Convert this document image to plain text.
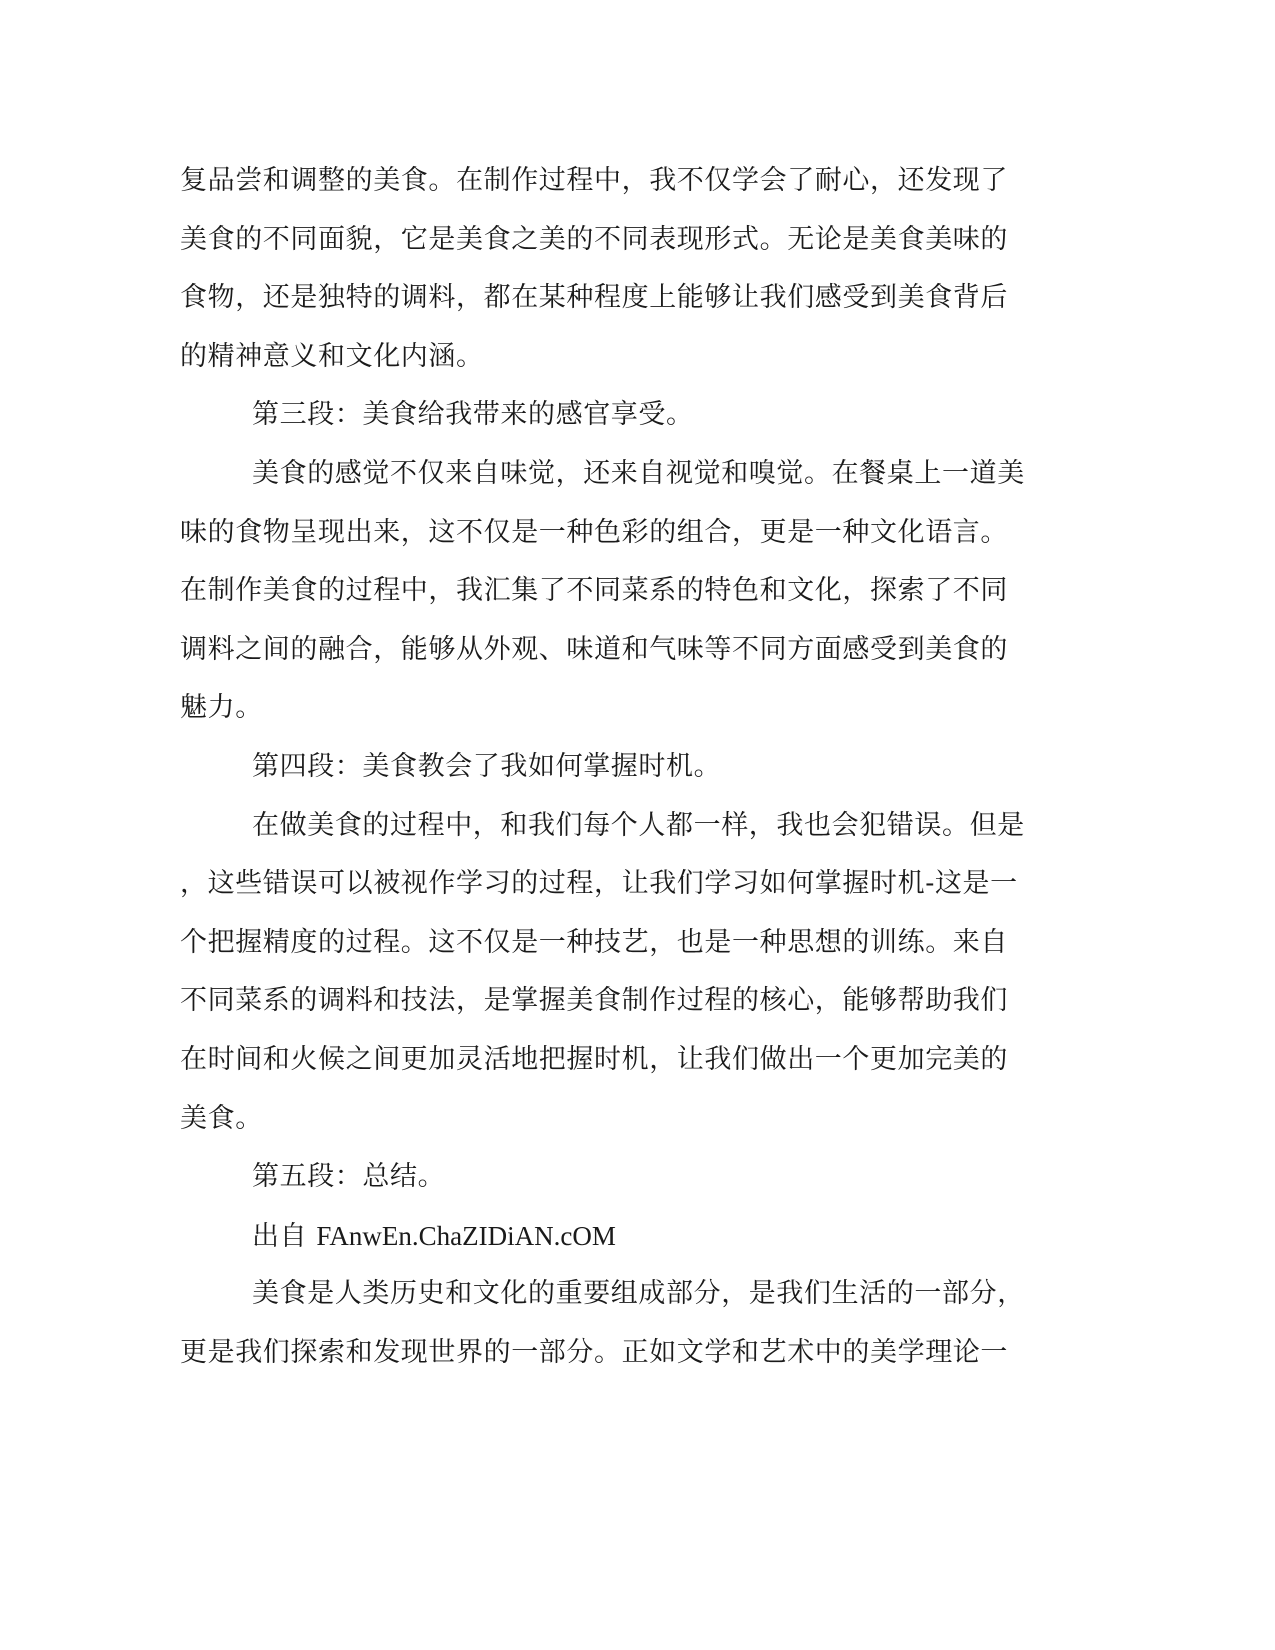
复品尝和调整的美食。在制作过程中，我不仅学会了耐心，还发现了
美食的不同面貌，它是美食之美的不同表现形式。无论是美食美味的
食物，还是独特的调料，都在某种程度上能够让我们感受到美食背后
的精神意义和文化内涵。
第三段：美食给我带来的感官享受。
美食的感觉不仅来自味觉，还来自视觉和嗅觉。在餐桌上一道美
味的食物呈现出来，这不仅是一种色彩的组合，更是一种文化语言。
在制作美食的过程中，我汇集了不同菜系的特色和文化，探索了不同
调料之间的融合，能够从外观、味道和气味等不同方面感受到美食的
魅力。
第四段：美食教会了我如何掌握时机。
在做美食的过程中，和我们每个人都一样，我也会犯错误。但是
，这些错误可以被视作学习的过程，让我们学习如何掌握时机-这是一
个把握精度的过程。这不仅是一种技艺，也是一种思想的训练。来自
不同菜系的调料和技法，是掌握美食制作过程的核心，能够帮助我们
在时间和火候之间更加灵活地把握时机，让我们做出一个更加完美的
美食。
第五段：总结。
出自 FAnwEn.ChaZIDiAN.cOM
美食是人类历史和文化的重要组成部分，是我们生活的一部分，
更是我们探索和发现世界的一部分。正如文学和艺术中的美学理论一
